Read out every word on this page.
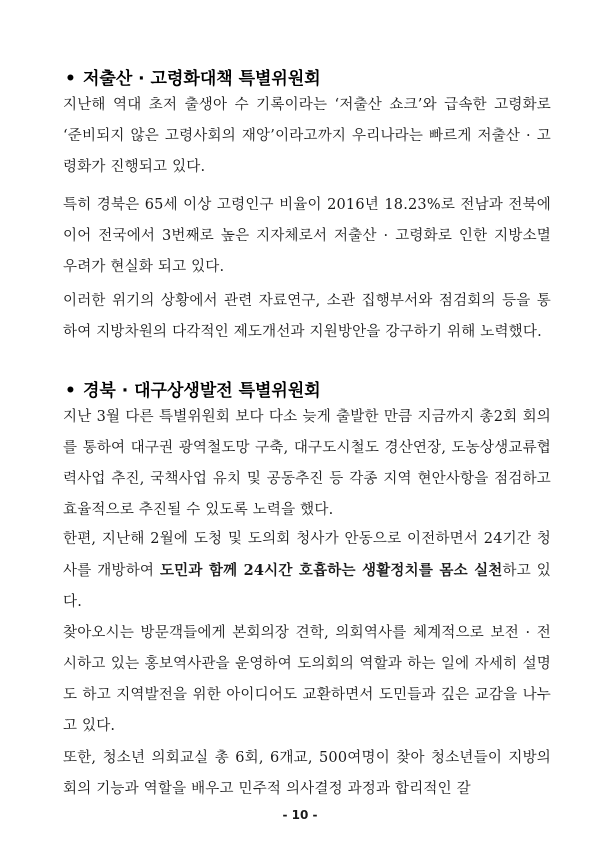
• 저출산 · 고령화대책 특별위원회
지난해 역대 초저 출생아 수 기록이라는 ‘저출산 쇼크’와 급속한 고령화로 ‘준비되지 않은 고령사회의 재앙’이라고까지 우리나라는 빠르게 저출산 · 고령화가 진행되고 있다.
특히 경북은 65세 이상 고령인구 비율이 2016년 18.23%로 전남과 전북에 이어 전국에서 3번째로 높은 지자체로서 저출산 · 고령화로 인한 지방소멸 우려가 현실화 되고 있다.
이러한 위기의 상황에서 관련 자료연구, 소관 집행부서와 점검회의 등을 통하여 지방차원의 다각적인 제도개선과 지원방안을 강구하기 위해 노력했다.
• 경북 · 대구상생발전 특별위원회
지난 3월 다른 특별위원회 보다 다소 늦게 출발한 만큼 지금까지 총2회 회의를 통하여 대구권 광역철도망 구축, 대구도시철도 경산연장, 도농상생교류협력사업 추진, 국책사업 유치 및 공동추진 등 각종 지역 현안사항을 점검하고 효율적으로 추진될 수 있도록 노력을 했다.
한편, 지난해 2월에 도청 및 도의회 청사가 안동으로 이전하면서 24기간 청사를 개방하여 도민과 함께 24시간 호흡하는 생활정치를 몸소 실천하고 있다.
찾아오시는 방문객들에게 본회의장 견학, 의회역사를 체계적으로 보전 · 전시하고 있는 홍보역사관을 운영하여 도의회의 역할과 하는 일에 자세히 설명도 하고 지역발전을 위한 아이디어도 교환하면서 도민들과 깊은 교감을 나누고 있다.
또한, 청소년 의회교실 총 6회, 6개교, 500여명이 찾아 청소년들이 지방의회의 기능과 역할을 배우고 민주적 의사결정 과정과 합리적인 갈
- 10 -
